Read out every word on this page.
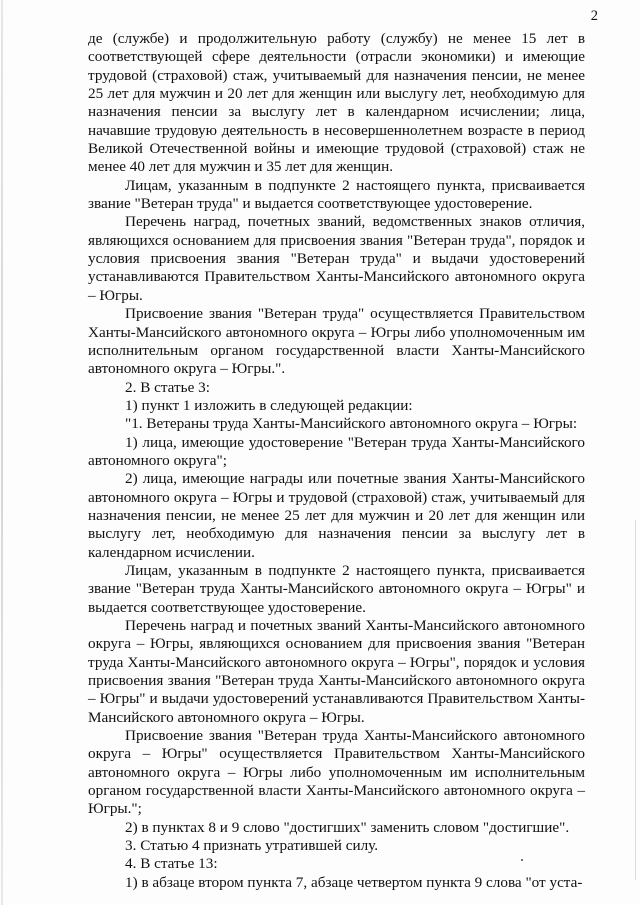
2

де (службе) и продолжительную работу (службу) не менее 15 лет в соответствующей сфере деятельности (отрасли экономики) и имеющие трудовой (страховой) стаж, учитываемый для назначения пенсии, не менее 25 лет для мужчин и 20 лет для женщин или выслугу лет, необходимую для назначения пенсии за выслугу лет в календарном исчислении; лица, начавшие трудовую деятельность в несовершеннолетнем возрасте в период Великой Отечественной войны и имеющие трудовой (страховой) стаж не менее 40 лет для мужчин и 35 лет для женщин.

Лицам, указанным в подпункте 2 настоящего пункта, присваивается звание "Ветеран труда" и выдается соответствующее удостоверение.

Перечень наград, почетных званий, ведомственных знаков отличия, являющихся основанием для присвоения звания "Ветеран труда", порядок и условия присвоения звания "Ветеран труда" и выдачи удостоверений устанавливаются Правительством Ханты-Мансийского автономного округа – Югры.

Присвоение звания "Ветеран труда" осуществляется Правительством Ханты-Мансийского автономного округа – Югры либо уполномоченным им исполнительным органом государственной власти Ханты-Мансийского автономного округа – Югры.".

2. В статье 3:

1) пункт 1 изложить в следующей редакции:

"1. Ветераны труда Ханты-Мансийского автономного округа – Югры:

1) лица, имеющие удостоверение "Ветеран труда Ханты-Мансийского автономного округа";

2) лица, имеющие награды или почетные звания Ханты-Мансийского автономного округа – Югры и трудовой (страховой) стаж, учитываемый для назначения пенсии, не менее 25 лет для мужчин и 20 лет для женщин или выслугу лет, необходимую для назначения пенсии за выслугу лет в календарном исчислении.

Лицам, указанным в подпункте 2 настоящего пункта, присваивается звание "Ветеран труда Ханты-Мансийского автономного округа – Югры" и выдается соответствующее удостоверение.

Перечень наград и почетных званий Ханты-Мансийского автономного округа – Югры, являющихся основанием для присвоения звания "Ветеран труда Ханты-Мансийского автономного округа – Югры", порядок и условия присвоения звания "Ветеран труда Ханты-Мансийского автономного округа – Югры" и выдачи удостоверений устанавливаются Правительством Ханты-Мансийского автономного округа – Югры.

Присвоение звания "Ветеран труда Ханты-Мансийского автономного округа – Югры" осуществляется Правительством Ханты-Мансийского автономного округа – Югры либо уполномоченным им исполнительным органом государственной власти Ханты-Мансийского автономного округа – Югры.";

2) в пунктах 8 и 9 слово "достигших" заменить словом "достигшие".

3. Статью 4 признать утратившей силу.

4. В статье 13:

1) в абзаце втором пункта 7, абзаце четвертом пункта 9 слова "от уста-
